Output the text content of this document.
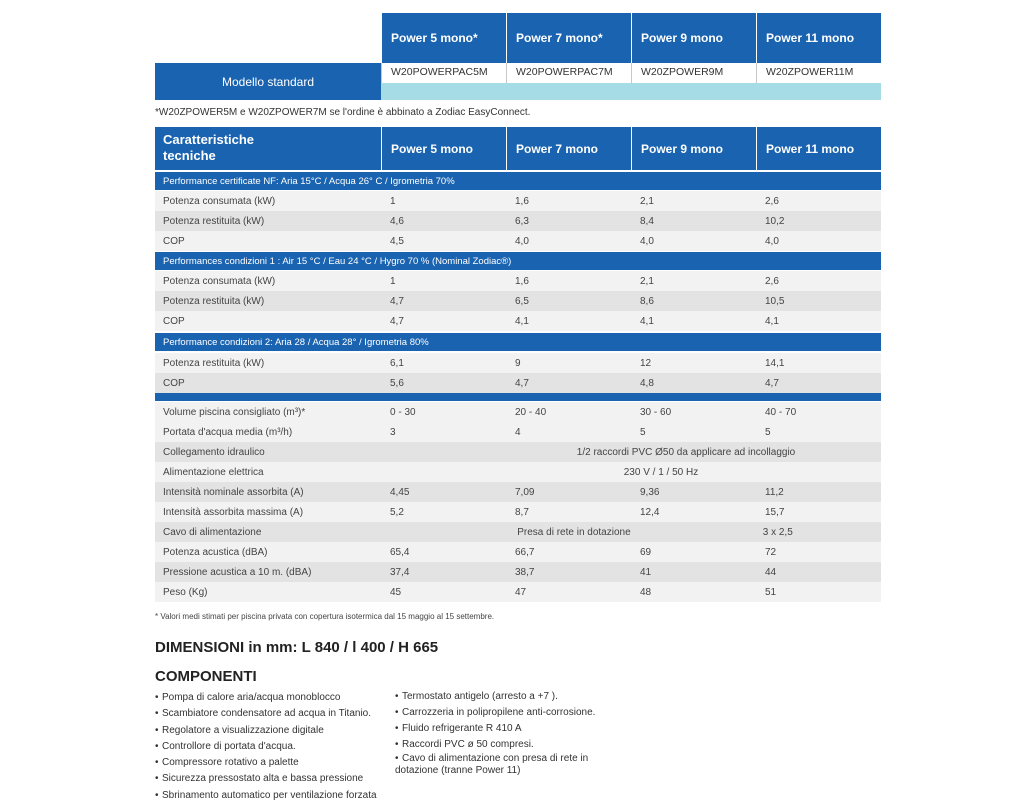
Power 5 mono*	Power 7 mono*	Power 9 mono	Power 11 mono
Modello standard
W20POWERPAC5M	W20POWERPAC7M	W20ZPOWER9M	W20ZPOWER11M
*W20ZPOWER5M e W20ZPOWER7M se l'ordine è abbinato a Zodiac EasyConnect.
Caratteristiche
tecniche	Power 5 mono	Power 7 mono	Power 9 mono	Power 11 mono
Performance certificate NF: Aria 15°C / Acqua 26° C / Igrometria 70%
Potenza consumata (kW)	1	1,6	2,1	2,6
Potenza restituita (kW)	4,6	6,3	8,4	10,2
COP	4,5	4,0	4,0	4,0
Performances condizioni 1 : Air 15 °C / Eau 24 °C / Hygro 70 % (Nominal Zodiac®)
Potenza consumata (kW)	1	1,6	2,1	2,6
Potenza restituita (kW)	4,7	6,5	8,6	10,5
COP	4,7	4,1	4,1	4,1
Performance condizioni 2: Aria 28 / Acqua 28° / Igrometria 80%
Potenza restituita (kW)	6,1	9	12	14,1
COP	5,6	4,7	4,8	4,7
Volume piscina consigliato (m³)*	0 - 30	20 - 40	30 - 60	40 - 70
Portata d'acqua media (m³/h)	3	4	5	5
Collegamento idraulico	1/2 raccordi PVC Ø50 da applicare ad incollaggio
Alimentazione elettrica	230 V / 1 / 50 Hz
Intensità nominale assorbita (A)	4,45	7,09	9,36	11,2
Intensità assorbita massima (A)	5,2	8,7	12,4	15,7
Cavo di alimentazione	Presa di rete in dotazione	3 x 2,5
Potenza acustica (dBA)	65,4	66,7	69	72
Pressione acustica a 10 m. (dBA)	37,4	38,7	41	44
Peso (Kg)	45	47	48	51
* Valori medi stimati per piscina privata con copertura isotermica dal 15 maggio al 15 settembre.
DIMENSIONI in mm: L 840 / l 400 / H 665
COMPONENTI
• Pompa di calore aria/acqua monoblocco
• Scambiatore condensatore ad acqua in Titanio.
• Regolatore a visualizzazione digitale
• Controllore di portata d'acqua.
• Compressore rotativo a palette
• Sicurezza pressostato alta e bassa pressione
• Sbrinamento automatico per ventilazione forzata
• Termostato antigelo (arresto a +7 ).
• Carrozzeria in polipropilene anti-corrosione.
• Fluido refrigerante R 410 A
• Raccordi PVC ø 50 compresi.
• Cavo di alimentazione con presa di rete in dotazione (tranne Power 11)
